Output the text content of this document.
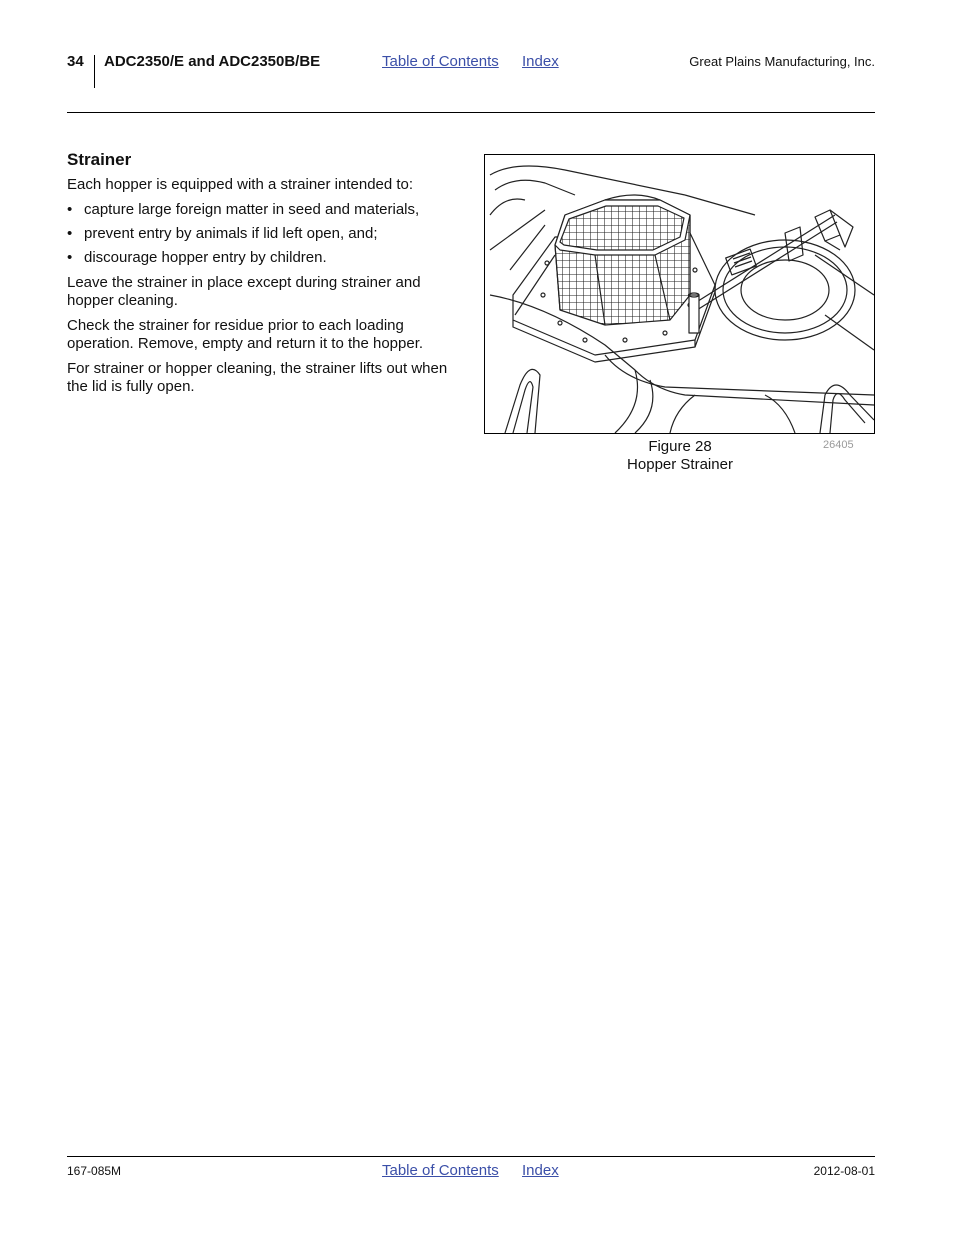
34 ADC2350/E and ADC2350B/BE	Table of Contents Index	Great Plains Manufacturing, Inc.
Strainer

Each hopper is equipped with a strainer intended to:

• capture large foreign matter in seed and materials,
• prevent entry by animals if lid left open, and;
• discourage hopper entry by children.

Leave the strainer in place except during strainer and hopper cleaning.

Check the strainer for residue prior to each loading operation. Remove, empty and return it to the hopper.

For strainer or hopper cleaning, the strainer lifts out when the lid is fully open.

Figure 28
Hopper Strainer
26405
167-085M	Table of Contents Index	2012-08-01
